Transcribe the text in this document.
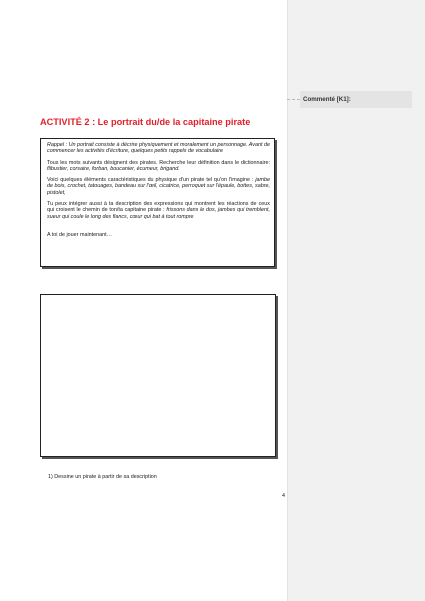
Commenté [K1]:
ACTIVITÉ 2 : Le portrait du/de la capitaine pirate

Rappel : Un portrait consiste à décrire physiquement et moralement un personnage. Avant de commencer les activités d'écriture, quelques petits rappels de vocabulaire

Tous les mots suivants désignent des pirates. Recherche leur définition dans le dictionnaire: flibustier, corsaire, forban, boucanier, écumeur, brigand.

Voici quelques éléments caractéristiques du physique d'un pirate tel qu'on l'imagine : jambe de bois, crochet, tatouages, bandeau sur l'œil, cicatrice, perroquet sur l'épaule, bottes, sabre, pistolet,

Tu peux intégrer aussi à ta description des expressions qui montrent les réactions de ceux qui croisent le chemin de ton/ta capitaine pirate : frissons dans le dos, jambes qui tremblent, sueur qui coule le long des flancs, cœur qui bat à tout rompre

A toi de jouer maintenant…

1) Dessine un pirate à partir de sa description
4
